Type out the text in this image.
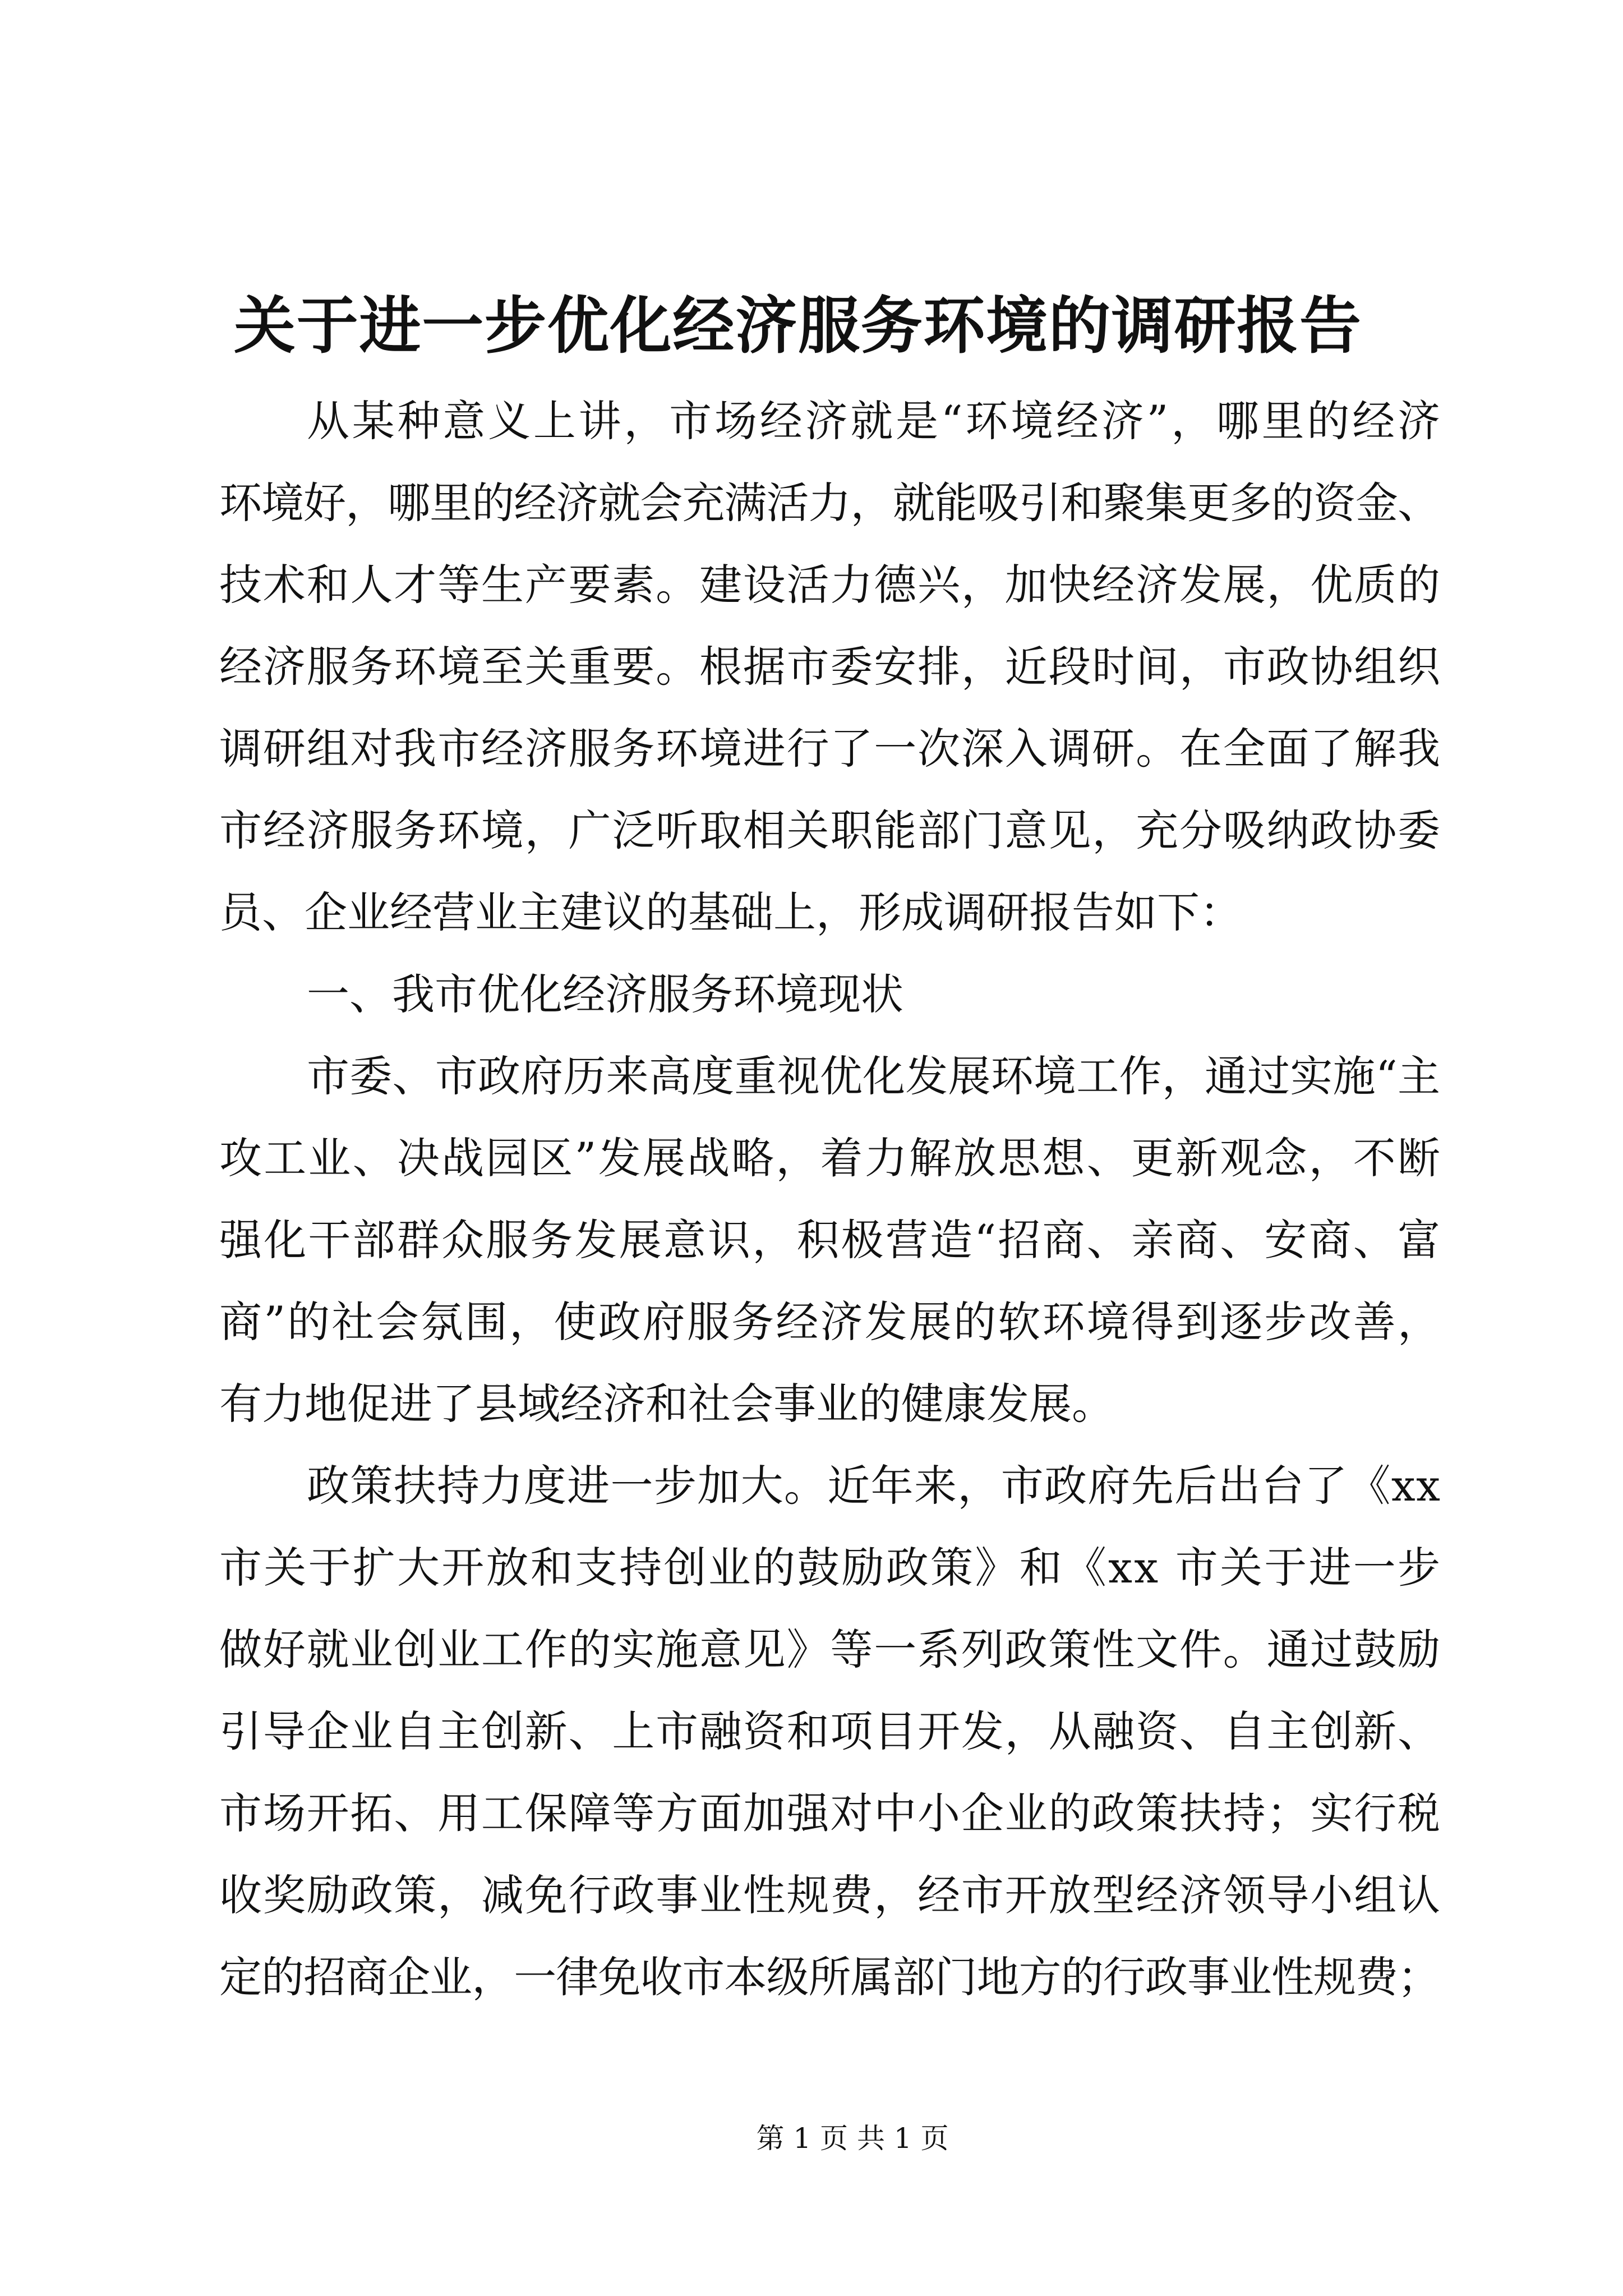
关于进一步优化经济服务环境的调研报告
从某种意义上讲，市场经济就是“环境经济”，哪里的经济
环境好，哪里的经济就会充满活力，就能吸引和聚集更多的资金、
技术和人才等生产要素。建设活力德兴，加快经济发展，优质的
经济服务环境至关重要。根据市委安排，近段时间，市政协组织
调研组对我市经济服务环境进行了一次深入调研。在全面了解我
市经济服务环境，广泛听取相关职能部门意见，充分吸纳政协委
员、企业经营业主建议的基础上，形成调研报告如下：
一、我市优化经济服务环境现状
市委、市政府历来高度重视优化发展环境工作，通过实施“主
攻工业、决战园区”发展战略，着力解放思想、更新观念，不断
强化干部群众服务发展意识，积极营造“招商、亲商、安商、富
商”的社会氛围，使政府服务经济发展的软环境得到逐步改善，
有力地促进了县域经济和社会事业的健康发展。
政策扶持力度进一步加大。近年来，市政府先后出台了《xx
市关于扩大开放和支持创业的鼓励政策》和《xx 市关于进一步
做好就业创业工作的实施意见》等一系列政策性文件。通过鼓励
引导企业自主创新、上市融资和项目开发，从融资、自主创新、
市场开拓、用工保障等方面加强对中小企业的政策扶持；实行税
收奖励政策，减免行政事业性规费，经市开放型经济领导小组认
定的招商企业，一律免收市本级所属部门地方的行政事业性规费；
第 1 页 共 1 页
